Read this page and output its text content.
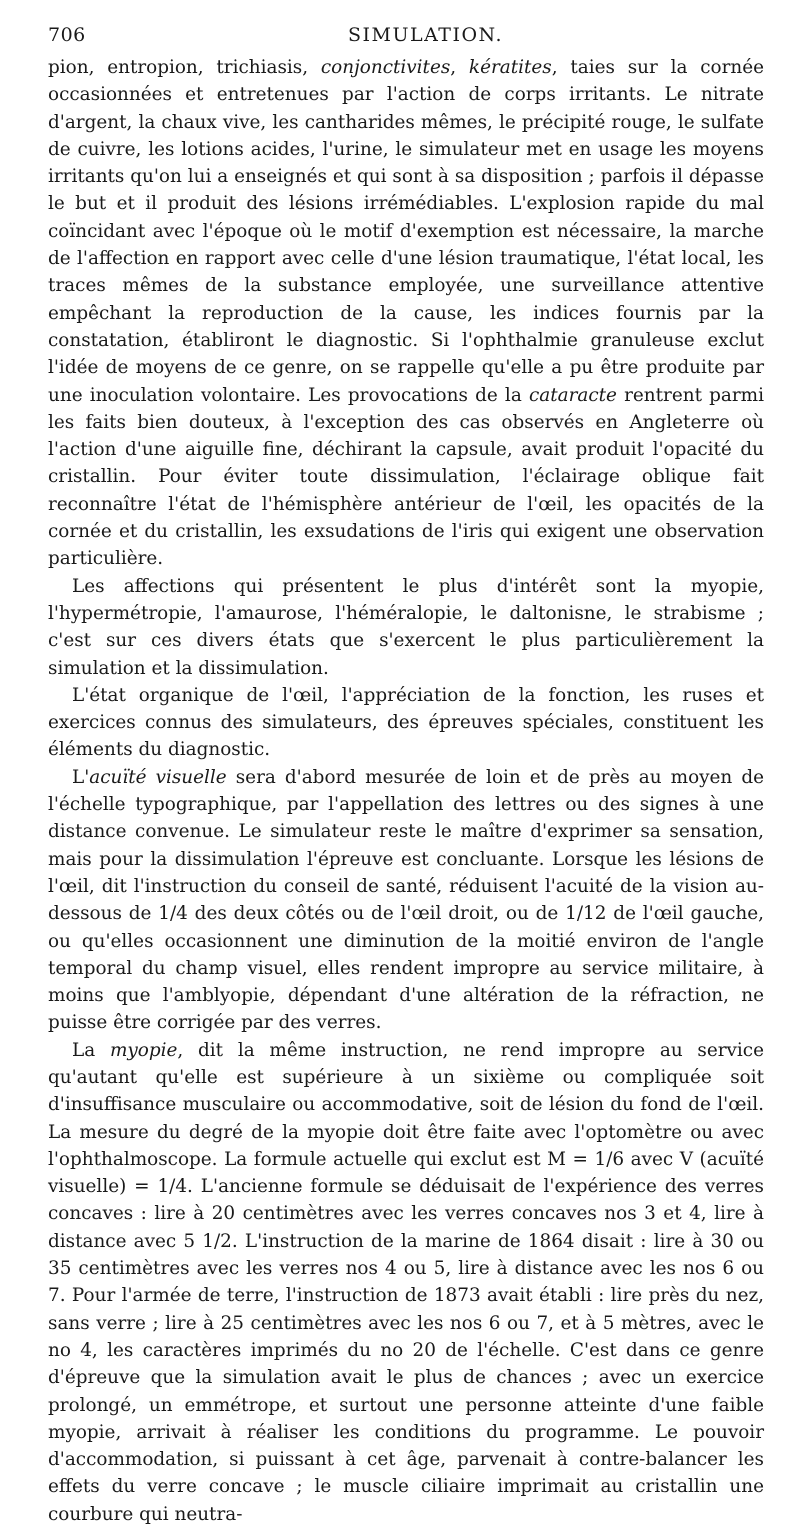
706	SIMULATION.

pion, entropion, trichiasis, conjonctivites, kératites, taies sur la cornée occasionnées et entretenues par l'action de corps irritants. Le nitrate d'argent, la chaux vive, les cantharides mêmes, le précipité rouge, le sulfate de cuivre, les lotions acides, l'urine, le simulateur met en usage les moyens irritants qu'on lui a enseignés et qui sont à sa disposition ; parfois il dépasse le but et il produit des lésions irrémédiables. L'explosion rapide du mal coïncidant avec l'époque où le motif d'exemption est nécessaire, la marche de l'affection en rapport avec celle d'une lésion traumatique, l'état local, les traces mêmes de la substance employée, une surveillance attentive empêchant la reproduction de la cause, les indices fournis par la constatation, établiront le diagnostic. Si l'ophthalmie granuleuse exclut l'idée de moyens de ce genre, on se rappelle qu'elle a pu être produite par une inoculation volontaire. Les provocations de la cataracte rentrent parmi les faits bien douteux, à l'exception des cas observés en Angleterre où l'action d'une aiguille fine, déchirant la capsule, avait produit l'opacité du cristallin. Pour éviter toute dissimulation, l'éclairage oblique fait reconnaître l'état de l'hémisphère antérieur de l'œil, les opacités de la cornée et du cristallin, les exsudations de l'iris qui exigent une observation particulière.

Les affections qui présentent le plus d'intérêt sont la myopie, l'hypermétropie, l'amaurose, l'héméralopie, le daltonisne, le strabisme ; c'est sur ces divers états que s'exercent le plus particulièrement la simulation et la dissimulation.

L'état organique de l'œil, l'appréciation de la fonction, les ruses et exercices connus des simulateurs, des épreuves spéciales, constituent les éléments du diagnostic.

L'acuïté visuelle sera d'abord mesurée de loin et de près au moyen de l'échelle typographique, par l'appellation des lettres ou des signes à une distance convenue. Le simulateur reste le maître d'exprimer sa sensation, mais pour la dissimulation l'épreuve est concluante. Lorsque les lésions de l'œil, dit l'instruction du conseil de santé, réduisent l'acuité de la vision au-dessous de 1/4 des deux côtés ou de l'œil droit, ou de 1/12 de l'œil gauche, ou qu'elles occasionnent une diminution de la moitié environ de l'angle temporal du champ visuel, elles rendent impropre au service militaire, à moins que l'amblyopie, dépendant d'une altération de la réfraction, ne puisse être corrigée par des verres.

La myopie, dit la même instruction, ne rend impropre au service qu'autant qu'elle est supérieure à un sixième ou compliquée soit d'insuffisance musculaire ou accommodative, soit de lésion du fond de l'œil. La mesure du degré de la myopie doit être faite avec l'optomètre ou avec l'ophthalmoscope. La formule actuelle qui exclut est M = 1/6 avec V (acuïté visuelle) = 1/4. L'ancienne formule se déduisait de l'expérience des verres concaves : lire à 20 centimètres avec les verres concaves nos 3 et 4, lire à distance avec 5 1/2. L'instruction de la marine de 1864 disait : lire à 30 ou 35 centimètres avec les verres nos 4 ou 5, lire à distance avec les nos 6 ou 7. Pour l'armée de terre, l'instruction de 1873 avait établi : lire près du nez, sans verre ; lire à 25 centimètres avec les nos 6 ou 7, et à 5 mètres, avec le no 4, les caractères imprimés du no 20 de l'échelle. C'est dans ce genre d'épreuve que la simulation avait le plus de chances ; avec un exercice prolongé, un emmétrope, et surtout une personne atteinte d'une faible myopie, arrivait à réaliser les conditions du programme. Le pouvoir d'accommodation, si puissant à cet âge, parvenait à contre-balancer les effets du verre concave ; le muscle ciliaire imprimait au cristallin une courbure qui neutra-
